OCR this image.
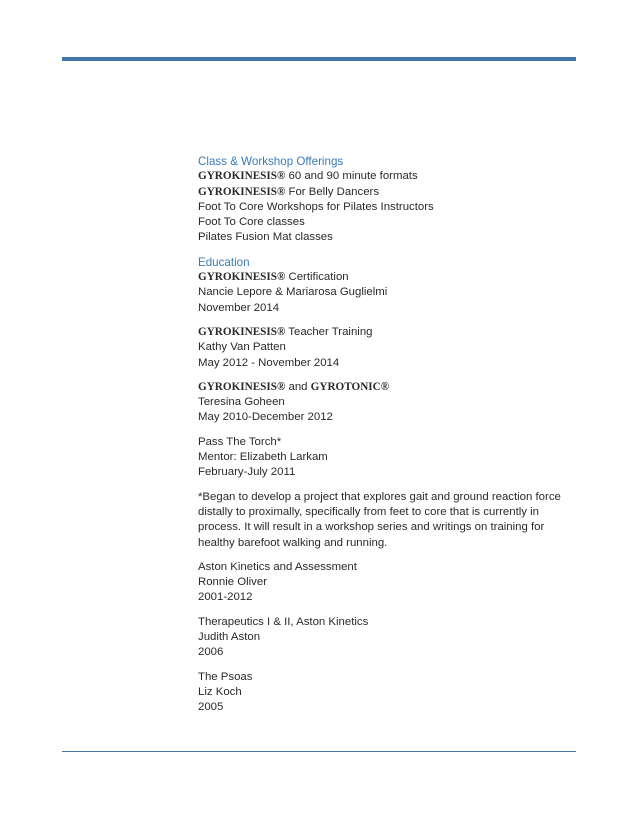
Class & Workshop Offerings

GYROKINESIS® 60 and 90 minute formats

GYROKINESIS® For Belly Dancers

Foot To Core Workshops for Pilates Instructors

Foot To Core classes

Pilates Fusion Mat classes

Education

GYROKINESIS® Certification

Nancie Lepore & Mariarosa Guglielmi

November 2014

GYROKINESIS® Teacher Training

Kathy Van Patten

May 2012 - November 2014

GYROKINESIS® and GYROTONIC®

Teresina Goheen

May 2010-December 2012

Pass The Torch*

Mentor: Elizabeth Larkam

February-July 2011

*Began to develop a project that explores gait and ground reaction force distally to proximally, specifically from feet to core that is currently in process. It will result in a workshop series and writings on training for healthy barefoot walking and running.

Aston Kinetics and Assessment

Ronnie Oliver

2001-2012

Therapeutics I & II, Aston Kinetics

Judith Aston

2006

The Psoas

Liz Koch

2005
